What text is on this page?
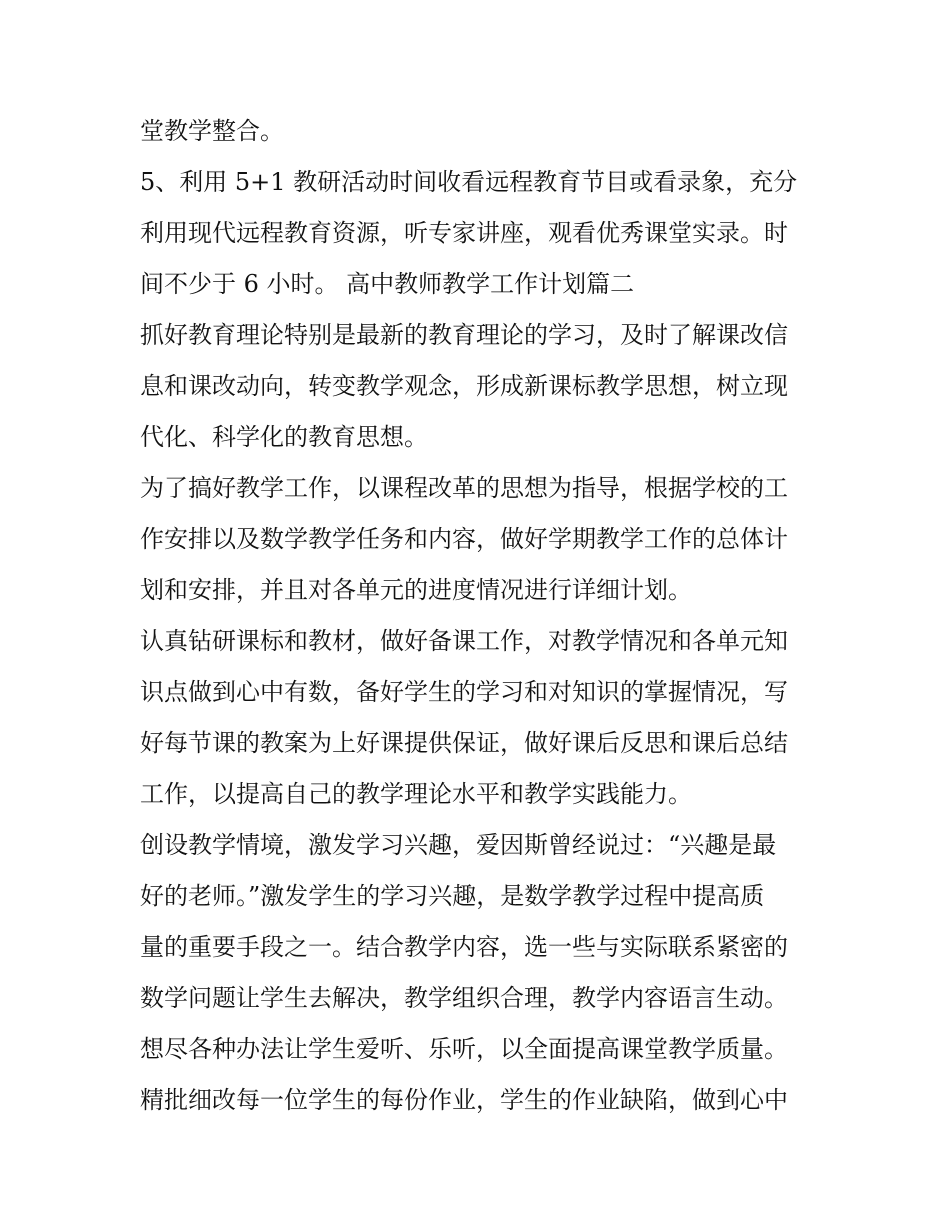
堂教学整合。
5、利用 5+1 教研活动时间收看远程教育节目或看录象，充分
利用现代远程教育资源，听专家讲座，观看优秀课堂实录。时
间不少于 6 小时。 高中教师教学工作计划篇二
抓好教育理论特别是最新的教育理论的学习，及时了解课改信
息和课改动向，转变教学观念，形成新课标教学思想，树立现
代化、科学化的教育思想。
为了搞好教学工作，以课程改革的思想为指导，根据学校的工
作安排以及数学教学任务和内容，做好学期教学工作的总体计
划和安排，并且对各单元的进度情况进行详细计划。
认真钻研课标和教材，做好备课工作，对教学情况和各单元知
识点做到心中有数，备好学生的学习和对知识的掌握情况，写
好每节课的教案为上好课提供保证，做好课后反思和课后总结
工作，以提高自己的教学理论水平和教学实践能力。
创设教学情境，激发学习兴趣，爱因斯曾经说过：“兴趣是最
好的老师。”激发学生的学习兴趣，是数学教学过程中提高质
量的重要手段之一。结合教学内容，选一些与实际联系紧密的
数学问题让学生去解决，教学组织合理，教学内容语言生动。
想尽各种办法让学生爱听、乐听，以全面提高课堂教学质量。
精批细改每一位学生的每份作业，学生的作业缺陷，做到心中
